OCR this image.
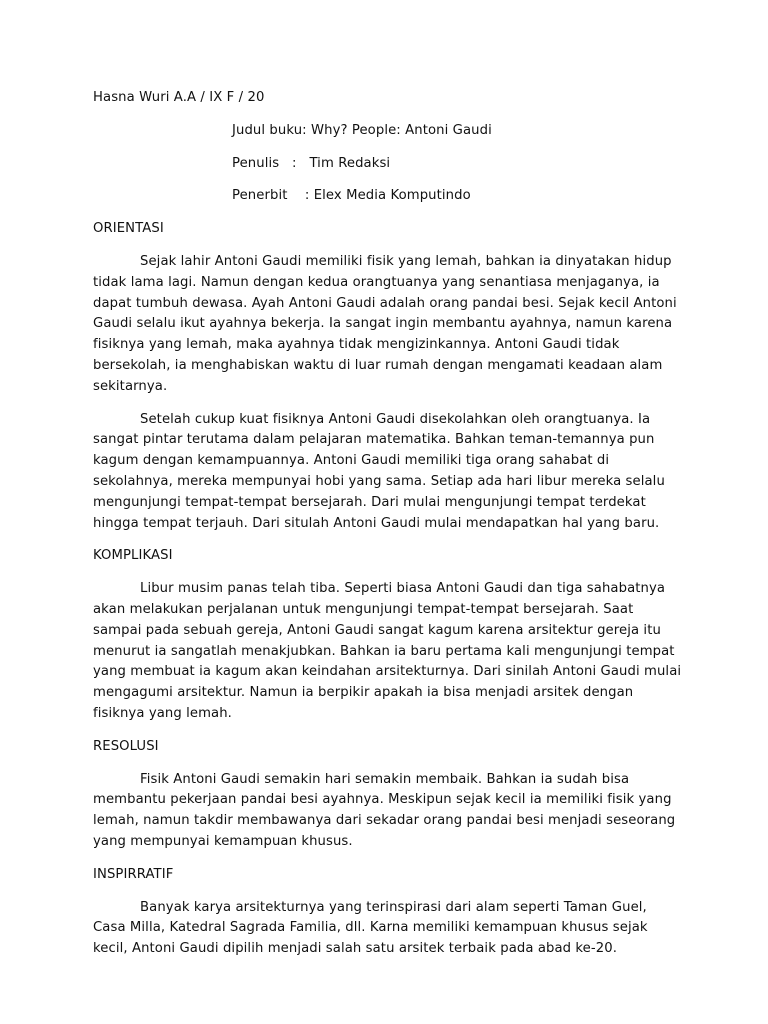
Hasna Wuri A.A / IX F / 20

Judul buku: Why? People: Antoni Gaudi

Penulis : Tim Redaksi

Penerbit : Elex Media Komputindo

ORIENTASI

Sejak lahir Antoni Gaudi memiliki fisik yang lemah, bahkan ia dinyatakan hidup tidak lama lagi. Namun dengan kedua orangtuanya yang senantiasa menjaganya, ia dapat tumbuh dewasa. Ayah Antoni Gaudi adalah orang pandai besi. Sejak kecil Antoni Gaudi selalu ikut ayahnya bekerja. Ia sangat ingin membantu ayahnya, namun karena fisiknya yang lemah, maka ayahnya tidak mengizinkannya. Antoni Gaudi tidak bersekolah, ia menghabiskan waktu di luar rumah dengan mengamati keadaan alam sekitarnya.

Setelah cukup kuat fisiknya Antoni Gaudi disekolahkan oleh orangtuanya. Ia sangat pintar terutama dalam pelajaran matematika. Bahkan teman-temannya pun kagum dengan kemampuannya. Antoni Gaudi memiliki tiga orang sahabat di sekolahnya, mereka mempunyai hobi yang sama. Setiap ada hari libur mereka selalu mengunjungi tempat-tempat bersejarah. Dari mulai mengunjungi tempat terdekat hingga tempat terjauh. Dari situlah Antoni Gaudi mulai mendapatkan hal yang baru.

KOMPLIKASI

Libur musim panas telah tiba. Seperti biasa Antoni Gaudi dan tiga sahabatnya akan melakukan perjalanan untuk mengunjungi tempat-tempat bersejarah. Saat sampai pada sebuah gereja, Antoni Gaudi sangat kagum karena arsitektur gereja itu menurut ia sangatlah menakjubkan. Bahkan ia baru pertama kali mengunjungi tempat yang membuat ia kagum akan keindahan arsitekturnya. Dari sinilah Antoni Gaudi mulai mengagumi arsitektur. Namun ia berpikir apakah ia bisa menjadi arsitek dengan fisiknya yang lemah.

RESOLUSI

Fisik Antoni Gaudi semakin hari semakin membaik. Bahkan ia sudah bisa membantu pekerjaan pandai besi ayahnya. Meskipun sejak kecil ia memiliki fisik yang lemah, namun takdir membawanya dari sekadar orang pandai besi menjadi seseorang yang mempunyai kemampuan khusus.

INSPIRRATIF

Banyak karya arsitekturnya yang terinspirasi dari alam seperti Taman Guel, Casa Milla, Katedral Sagrada Familia, dll. Karna memiliki kemampuan khusus sejak kecil, Antoni Gaudi dipilih menjadi salah satu arsitek terbaik pada abad ke-20.
